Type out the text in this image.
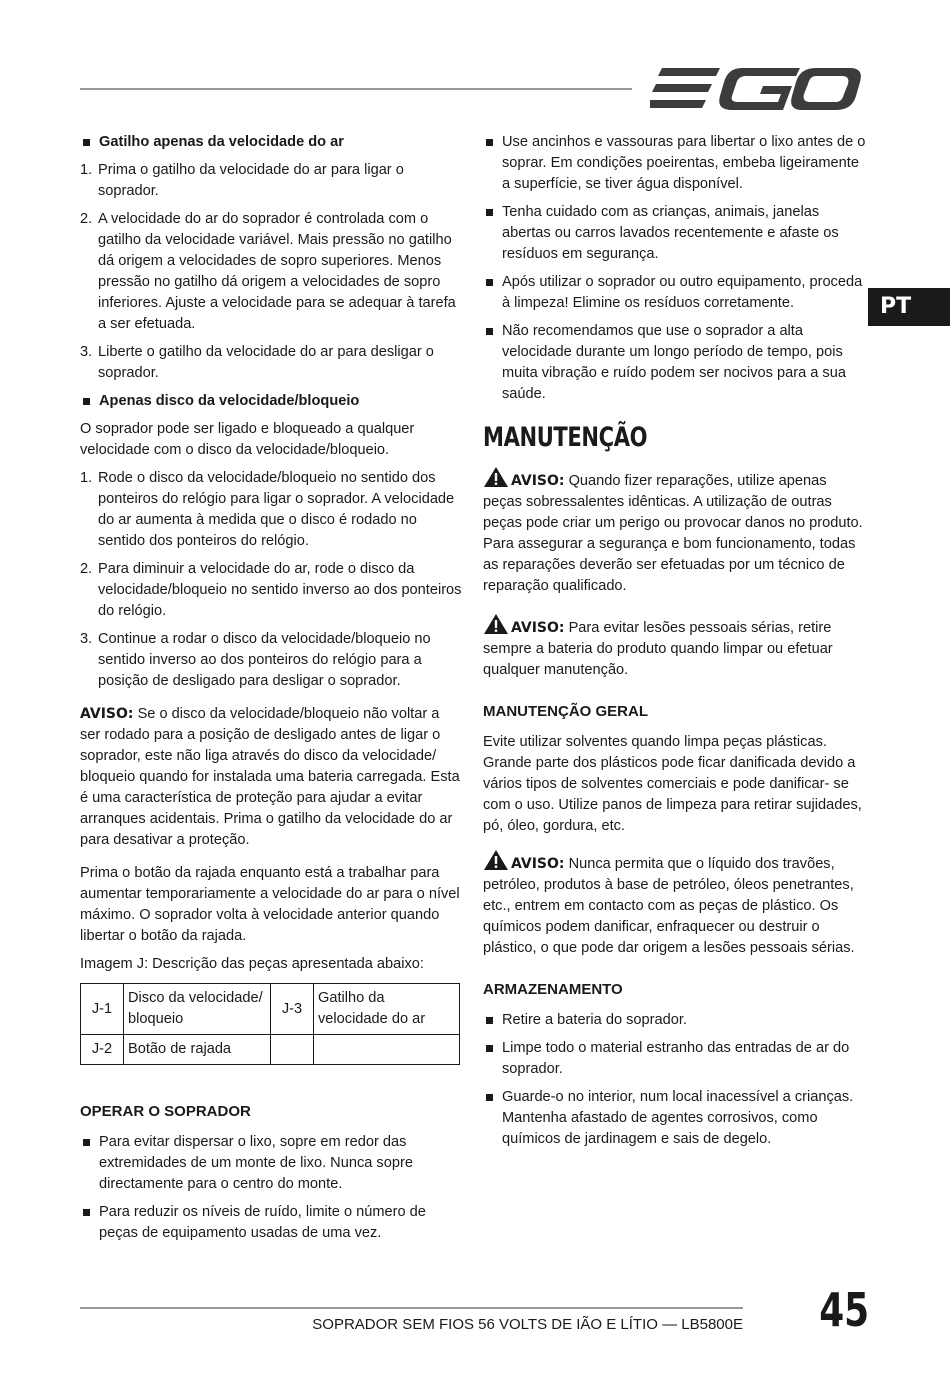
PT
Gatilho apenas da velocidade do ar
1. Prima o gatilho da velocidade do ar para ligar o soprador.
2. A velocidade do ar do soprador é controlada com o gatilho da velocidade variável. Mais pressão no gatilho dá origem a velocidades de sopro superiores. Menos pressão no gatilho dá origem a velocidades de sopro inferiores. Ajuste a velocidade para se adequar à tarefa a ser efetuada.
3. Liberte o gatilho da velocidade do ar para desligar o soprador.
Apenas disco da velocidade/bloqueio

O soprador pode ser ligado e bloqueado a qualquer velocidade com o disco da velocidade/bloqueio.

1. Rode o disco da velocidade/bloqueio no sentido dos ponteiros do relógio para ligar o soprador. A velocidade do ar aumenta à medida que o disco é rodado no sentido dos ponteiros do relógio.
2. Para diminuir a velocidade do ar, rode o disco da velocidade/bloqueio no sentido inverso ao dos ponteiros do relógio.
3. Continue a rodar o disco da velocidade/bloqueio no sentido inverso ao dos ponteiros do relógio para a posição de desligado para desligar o soprador.

AVISO: Se o disco da velocidade/bloqueio não voltar a ser rodado para a posição de desligado antes de ligar o soprador, este não liga através do disco da velocidade/ bloqueio quando for instalada uma bateria carregada. Esta é uma característica de proteção para ajudar a evitar arranques acidentais. Prima o gatilho da velocidade do ar para desativar a proteção.

Prima o botão da rajada enquanto está a trabalhar para aumentar temporariamente a velocidade do ar para o nível máximo. O soprador volta à velocidade anterior quando libertar o botão da rajada.

Imagem J: Descrição das peças apresentada abaixo:

J-1	Disco da velocidade/ bloqueio	J-3	Gatilho da velocidade do ar
J-2	Botão de rajada		
OPERAR O SOPRADOR
Para evitar dispersar o lixo, sopre em redor das extremidades de um monte de lixo. Nunca sopre directamente para o centro do monte.
Para reduzir os níveis de ruído, limite o número de peças de equipamento usadas de uma vez.
Use ancinhos e vassouras para libertar o lixo antes de o soprar. Em condições poeirentas, embeba ligeiramente a superfície, se tiver água disponível.
Tenha cuidado com as crianças, animais, janelas abertas ou carros lavados recentemente e afaste os resíduos em segurança.
Após utilizar o soprador ou outro equipamento, proceda à limpeza! Elimine os resíduos corretamente.
Não recomendamos que use o soprador a alta velocidade durante um longo período de tempo, pois muita vibração e ruído podem ser nocivos para a sua saúde.
MANUTENÇÃO

AVISO: Quando fizer reparações, utilize apenas peças sobressalentes idênticas. A utilização de outras peças pode criar um perigo ou provocar danos no produto. Para assegurar a segurança e bom funcionamento, todas as reparações deverão ser efetuadas por um técnico de reparação qualificado.

AVISO: Para evitar lesões pessoais sérias, retire sempre a bateria do produto quando limpar ou efetuar qualquer manutenção.

MANUTENÇÃO GERAL

Evite utilizar solventes quando limpa peças plásticas. Grande parte dos plásticos pode ficar danificada devido a vários tipos de solventes comerciais e pode danificar- se com o uso. Utilize panos de limpeza para retirar sujidades, pó, óleo, gordura, etc.

AVISO: Nunca permita que o líquido dos travões, petróleo, produtos à base de petróleo, óleos penetrantes, etc., entrem em contacto com as peças de plástico. Os químicos podem danificar, enfraquecer ou destruir o plástico, o que pode dar origem a lesões pessoais sérias.

ARMAZENAMENTO
Retire a bateria do soprador.
Limpe todo o material estranho das entradas de ar do soprador.
Guarde-o no interior, num local inacessível a crianças. Mantenha afastado de agentes corrosivos, como químicos de jardinagem e sais de degelo.
SOPRADOR SEM FIOS 56 VOLTS DE IÃO E LÍTIO — LB5800E 45
